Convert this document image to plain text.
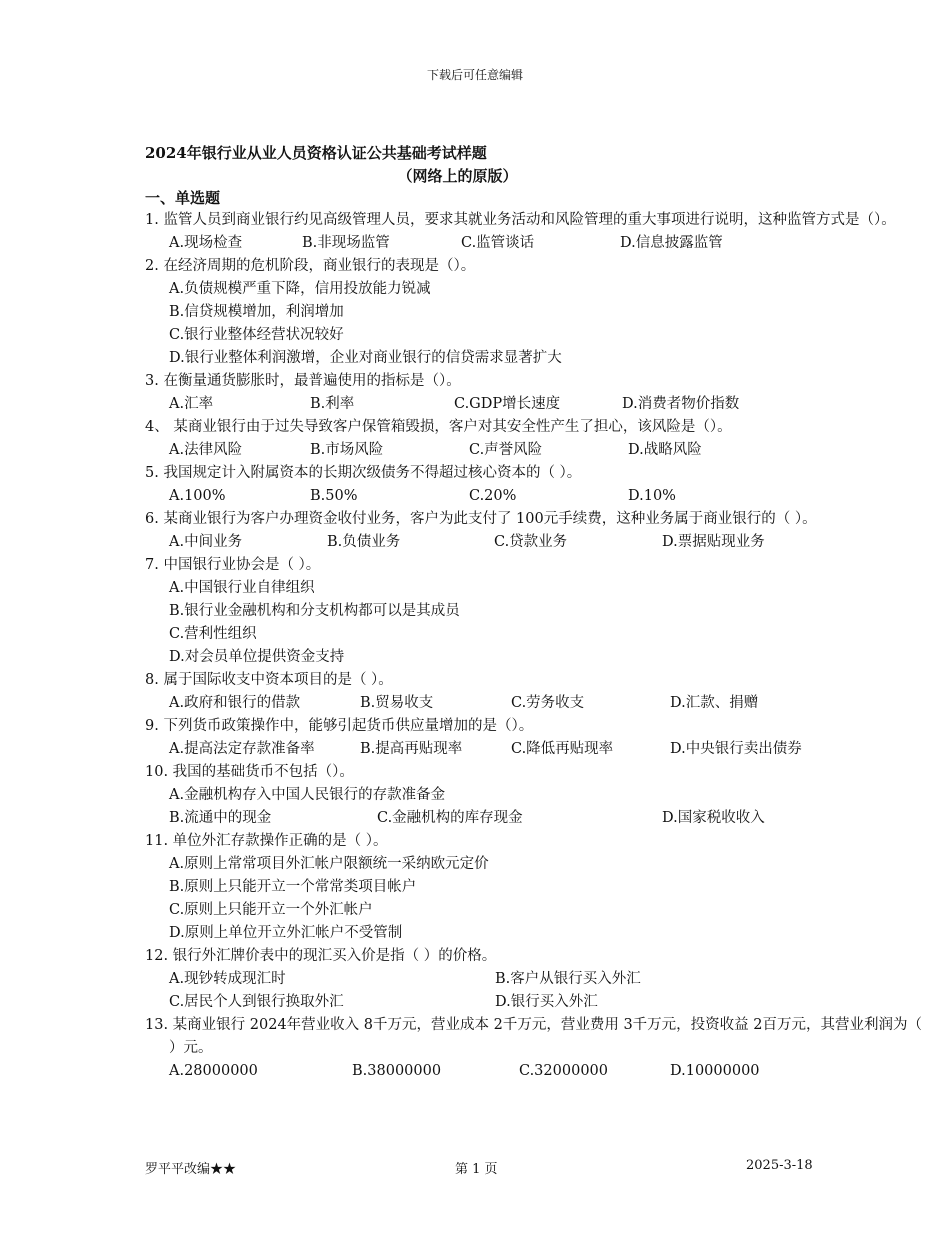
下载后可任意编辑
2024年银行业从业人员资格认证公共基础考试样题
（网络上的原版）
一、单选题
1. 监管人员到商业银行约见高级管理人员，要求其就业务活动和风险管理的重大事项进行说明，这种监管方式是（）。
A.现场检查	B.非现场监管	C.监管谈话	D.信息披露监管
2. 在经济周期的危机阶段，商业银行的表现是（）。
A.负债规模严重下降，信用投放能力锐减
B.信贷规模增加，利润增加
C.银行业整体经营状况较好
D.银行业整体利润激增，企业对商业银行的信贷需求显著扩大
3. 在衡量通货膨胀时，最普遍使用的指标是（）。
A.汇率	B.利率	C.GDP增长速度	D.消费者物价指数
4、 某商业银行由于过失导致客户保管箱毁损，客户对其安全性产生了担心，该风险是（）。
A.法律风险	B.市场风险	C.声誉风险	D.战略风险
5. 我国规定计入附属资本的长期次级债务不得超过核心资本的（ ）。
A.100%	B.50%	C.20%	D.10%
6. 某商业银行为客户办理资金收付业务，客户为此支付了 100元手续费，这种业务属于商业银行的（ ）。
A.中间业务	B.负债业务	C.贷款业务	D.票据贴现业务
7. 中国银行业协会是（ ）。
A.中国银行业自律组织
B.银行业金融机构和分支机构都可以是其成员
C.营利性组织
D.对会员单位提供资金支持
8. 属于国际收支中资本项目的是（ ）。
A.政府和银行的借款	B.贸易收支	C.劳务收支	D.汇款、捐赠
9. 下列货币政策操作中，能够引起货币供应量增加的是（）。
A.提高法定存款准备率	B.提高再贴现率	C.降低再贴现率	D.中央银行卖出债券
10. 我国的基础货币不包括（）。
A.金融机构存入中国人民银行的存款准备金
B.流通中的现金	C.金融机构的库存现金	D.国家税收收入
11. 单位外汇存款操作正确的是（ ）。
A.原则上常常项目外汇帐户限额统一采纳欧元定价
B.原则上只能开立一个常常类项目帐户
C.原则上只能开立一个外汇帐户
D.原则上单位开立外汇帐户不受管制
12. 银行外汇牌价表中的现汇买入价是指（ ）的价格。
A.现钞转成现汇时	B.客户从银行买入外汇
C.居民个人到银行换取外汇	D.银行买入外汇
13. 某商业银行 2024年营业收入 8千万元，营业成本 2千万元，营业费用 3千万元，投资收益 2百万元，其营业利润为（ ）元。
A.28000000	B.38000000	C.32000000	D.10000000
罗平平改编★★	第 1 页	2025-3-18
